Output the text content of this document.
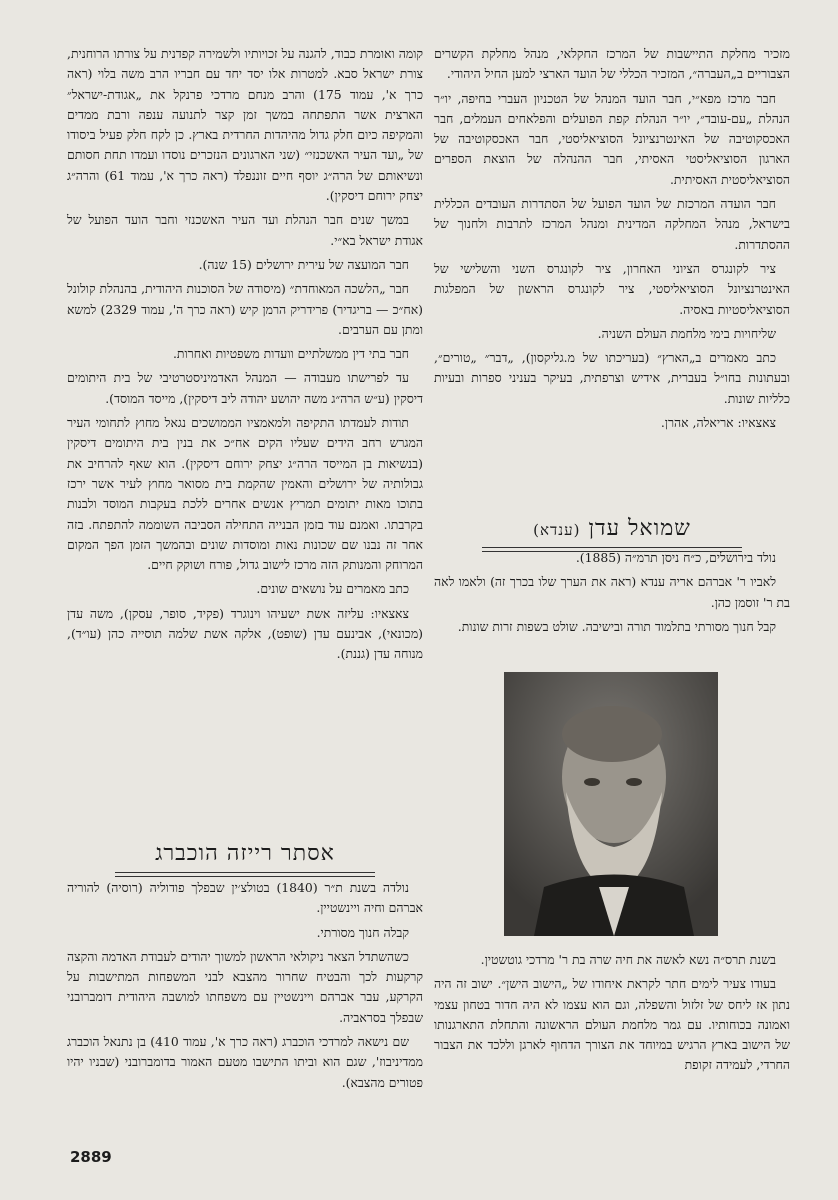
מזכיר מחלקת התיישבות של המרכז החקלאי, מנהל מחלקת הקשרים הצבוריים ב„העברה״, המזכיר הכללי של הועד הארצי למען החיל היהודי.

חבר מרכז מפא״י, חבר הועד המנהל של הטכניון העברי בחיפה, יו״ר הנהלת „עם-עובד״, יו״ר הנהלת קפת הפועלים והפלאחים העמלים, חבר האכסקוטיבה של האינטרנציונל הסוציאליסטי, חבר האכסקוטיבה של הארגון הסוציאליסטי האסיתי, חבר ההנהלה של הוצאת הספרים הסוציאליסטית האסיתית.

חבר הועדה המרכזת של הועד הפועל של הסתדרות העובדים הכללית בישראל, מנהל המחלקה המדינית ומנהל המרכז לתרבות ולחנוך של ההסתדרות.

ציר לקונגרס הציוני האחרון, ציר לקונגרס השני והשלישי של האינטרנציונל הסוציאליסטי, ציר לקונגרס הראשון של המפלגות הסוציאליסטיות באסיה.

שליחויות בימי מלחמת העולם השניה.

כתב מאמרים ב„הארץ״ (בעריכתו של מ.גליקסון), „דבר״ „טורים״, ובעתונות בחו״ל בעברית, אידיש וצרפתית, בעיקר בעניני ספרות ובעיות כלליות שונות.

צאצאיו: אריאלה, אהרן.

שמואל עדן (ענדא)

נולד בירושלים, כ״ח ניסן תרמ״ה (1885).

לאביו ר' אברהם אריה ענדא (ראה את הערך שלו בכרך זה) ולאמו לאה בת ר' זוסמן כהן.

קבל חנוך מסורתי בתלמוד תורה ובישיבה. שולט בשפות זרות שונות.

בשנת תרס״ה נשא לאשה את חיה שרה בת ר' מרדכי גוטשטין.

בעודו צעיר לימים חתר לקראת איחודו של „הישוב הישן״. ישוב זה היה נתון אז ליחס של זלזול והשפלה, וגם הוא עצמו לא היה חדור בטחון עצמי ואמונה בכוחותיו. עם גמר מלחמת העולם הראשונה והתחלת התארגנותו של הישוב בארץ הרגיש במיוחד את הצורך הדחוף לארגן וללכד את הצבור החרדי, לעמידה זקופת

קומה ואומרת כבוד, להגנה על זכויותיו ולשמירה קפדנית על צורתו הרוחנית, צורת ישראל סבא. למטרות אלו יסד יחד עם חבריו הרב משה בלוי (ראה כרך א', עמוד 175) והרב מנחם מרדכי פרנקל את „אגודת-ישראל״ הארצית אשר התפתחה במשך זמן קצר לתנועה ענפה ורבת ממדים והמקיפה כיום חלק גדול מהיהדות החרדית בארץ. כן לקח חלק פעיל ביסודו של „ועד העיר האשכנזי״ (שני הארגונים הנזכרים נוסדו ועמדו תחת חסותם ונשיאותם של הרה״ג יוסף חיים זוננפלד (ראה כרך א', עמוד 61) והרה״ג יצחק ירוחם דיסקין).

במשך שנים חבר הנהלת ועד העיר האשכנזי וחבר הועד הפועל של אגודת ישראל בא״י.

חבר המועצה של עירית ירושלים (15 שנה).

חבר „הלשכה המאוחדת״ (מיסודה של הסוכנות היהודית, בהנהלת קולונל (אח״כ — בריגדיר) פרידריק הרמן קיש (ראה כרך ה', עמוד 2329) למשא ומתן עם הערבים.

חבר בתי דין ממשלתיים וועדות משפטיות ואחרות.

עד לפרישתו מעבודה — המנהל האדמיניסטרטיבי של בית היתומים דיסקין (ע״ש הרה״ג משה יהושע יהודה ליב דיסקין), מייסד המוסד).

תודות לעמדתו התקיפה ולמאמציו הממושכים נגאל מחוץ לתחומי העיר המגרש רחב הידים שעליו הקים אח״כ את בנין בית היתומים דיסקין (בנשיאות בן המייסד הרה״ג יצחק ירוחם דיסקין). הוא שאף להרחיב את גבולותיה של ירושלים והאמין שהקמת בית מסואר מחוץ לעיר אשר ירכז בתוכו מאות יתומים תמריץ אנשים אחרים ללכת בעקבות המוסד ולבנות בקרבתו. ואמנם עוד בזמן הבנייה התחילה הסביבה השוממה להתפתח. בזה אחר זה נבנו שם שכונות נאות ומוסדות שונים ובהמשך הזמן הפך המקום המרוחק והמנותק הזה מרכז לישוב גדול, פורח ושוקק חיים.

כתב מאמרים על נושאים שונים.

צאצאיו: עליזה אשת ישעיהו וינוגרד (פקיד, סופר, עסקן), משה עדן (מכונאי), אבינעם עדן (שופט), אלקה אשת שלמה תוסייה כהן (עו״ד), מנוחה עדן (גננת).

אסתר רייזה הוכברג

נולדה בשנת ת״ר (1840) בטולצ׳ין שבפלך פודוליה (רוסיה) להוריה אברהם וחיה ויינשטיין.

קבלה חנוך מסורתי.

כשהשתדל הצאר ניקולאי הראשון למשוך יהודים לעבודת האדמה והקצה קרקעות לכך והבטיח שחרור מהצבא לבני המשפחות המתישבות על הקרקע, עבר אברהם ויינשטיין עם משפחתו למושבה היהודית דומברובני שבפלך בסראביה.

שם נישאה למרדכי הוכברג (ראה כרך א', עמוד 410) בן נתנאל הוכברג ממדיניבוז', שגם הוא וביתו התישבו מטעם האמור בדומברובני (שבניו יהיו פטורים מהצבא).

2889
